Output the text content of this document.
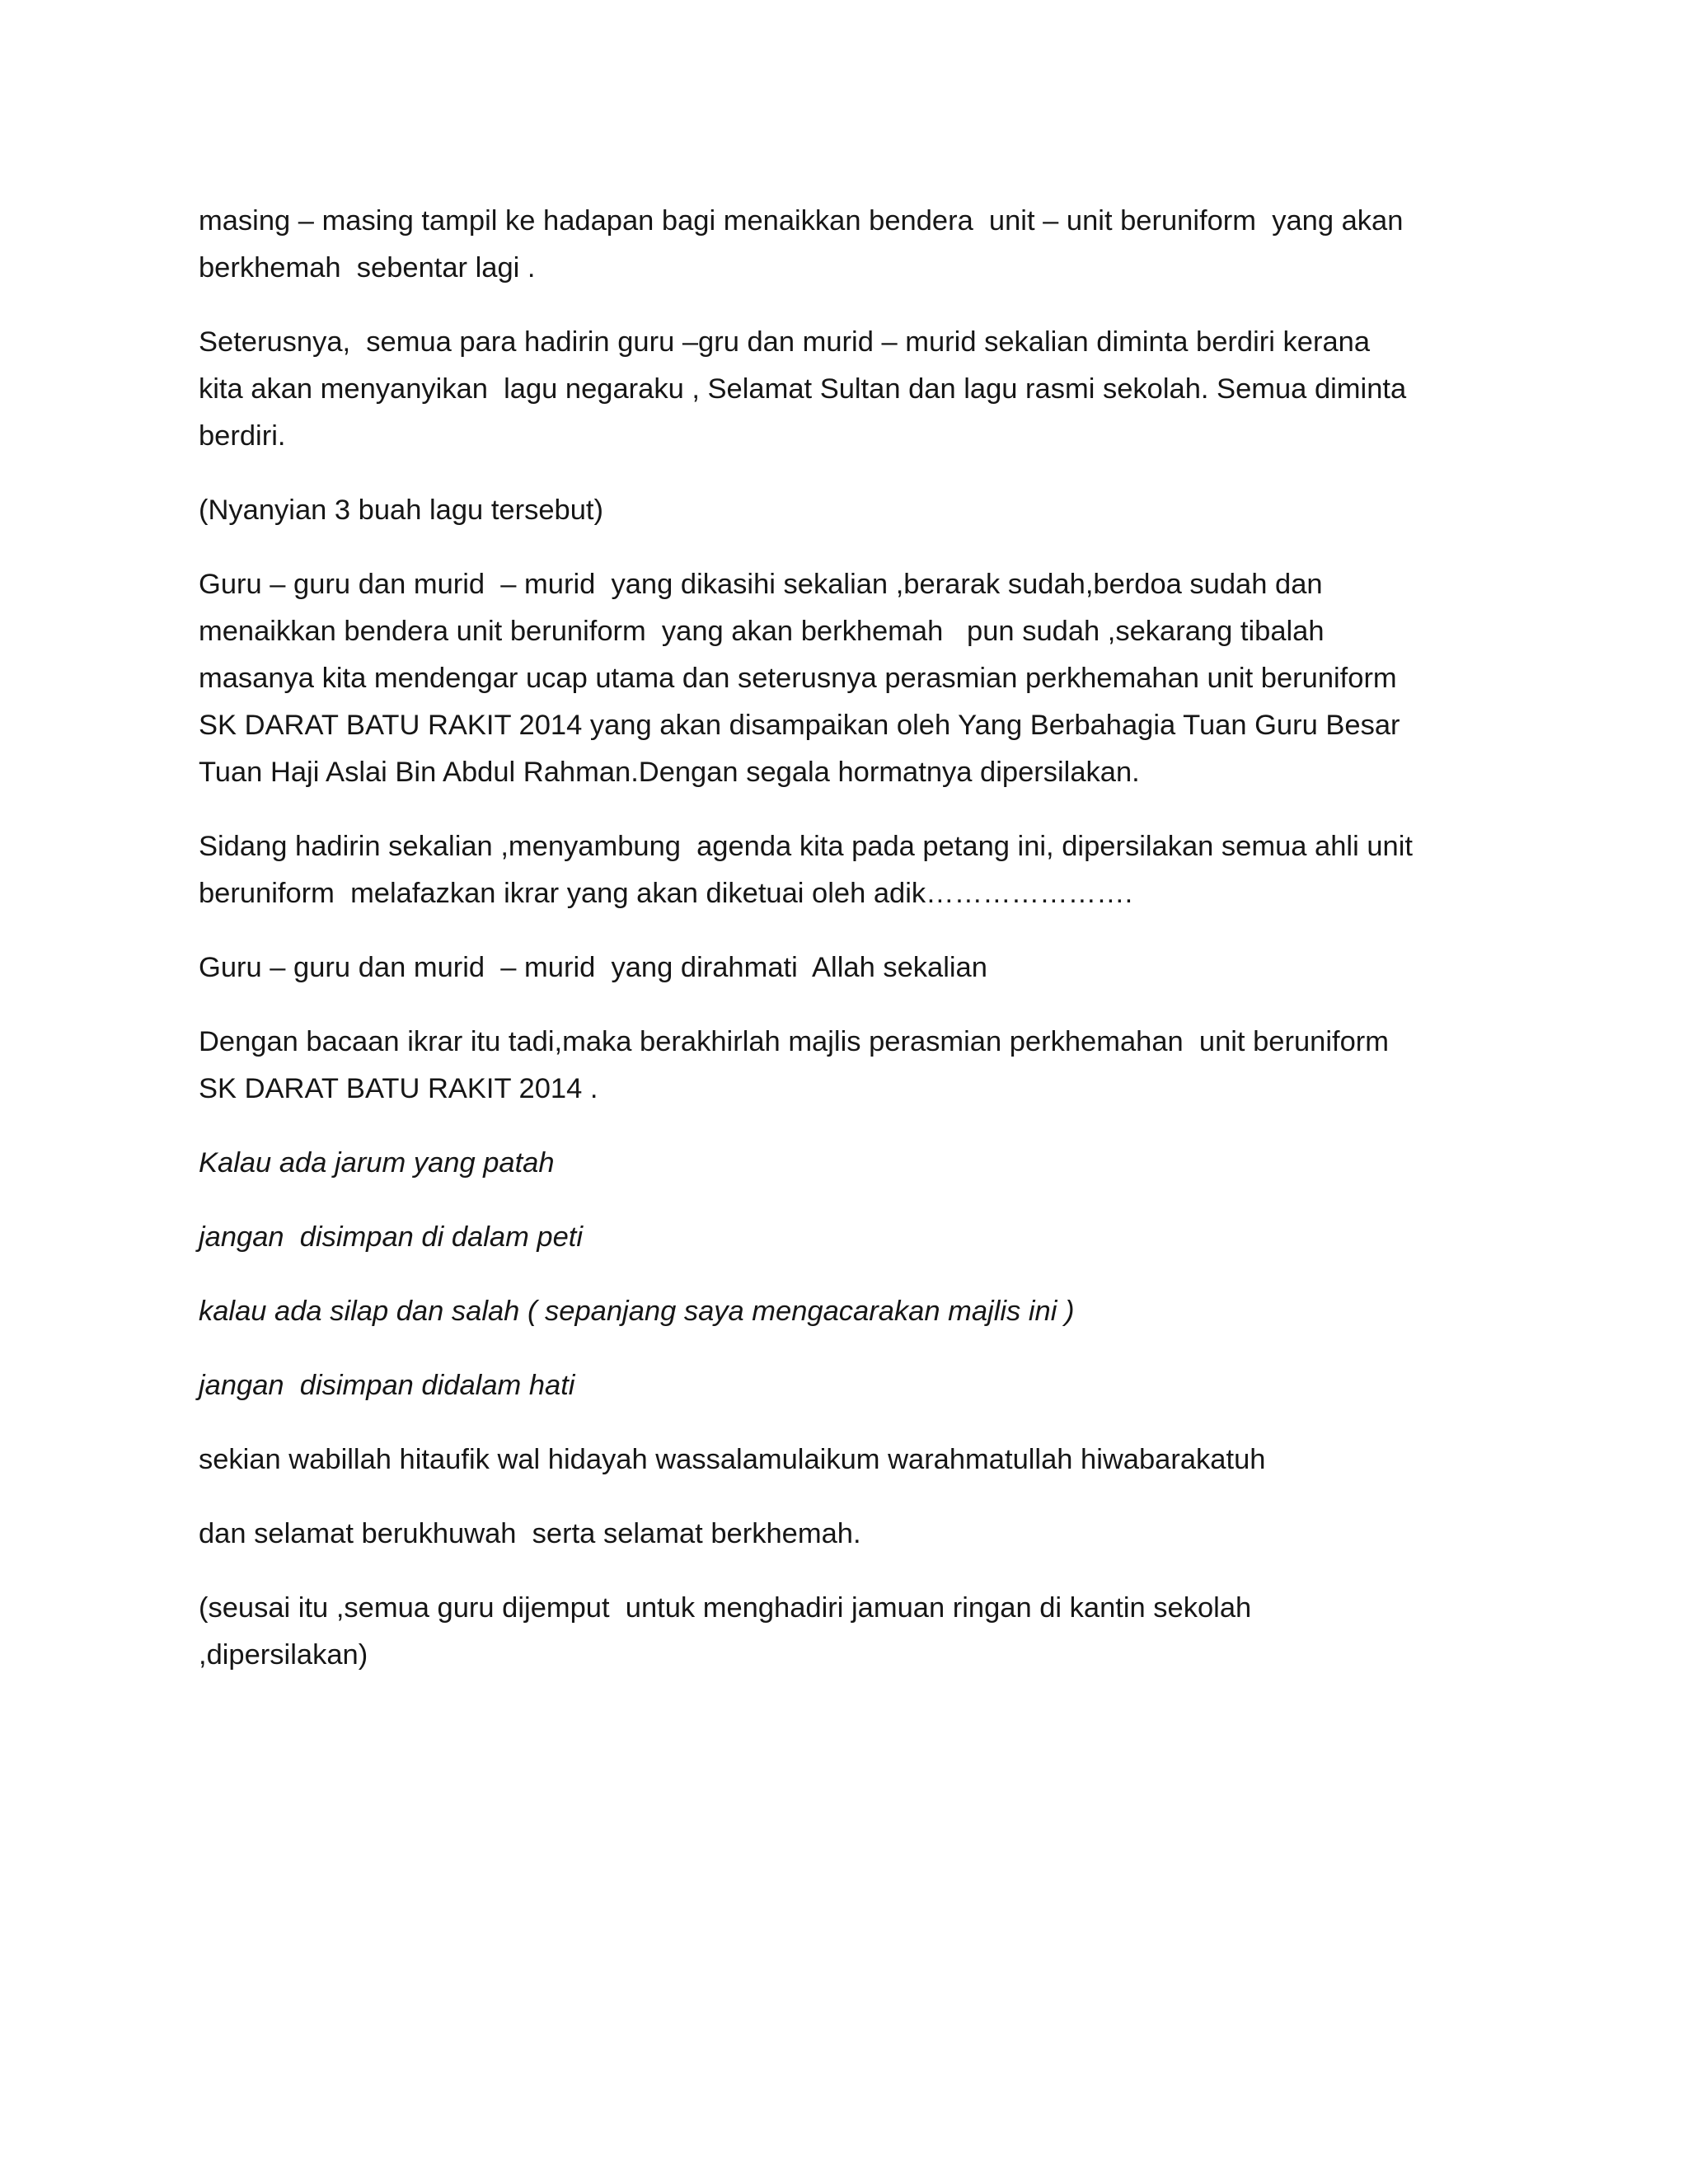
masing – masing tampil ke hadapan bagi menaikkan bendera  unit – unit beruniform  yang akan
berkhemah  sebentar lagi .

Seterusnya,  semua para hadirin guru –gru dan murid – murid sekalian diminta berdiri kerana
kita akan menyanyikan  lagu negaraku , Selamat Sultan dan lagu rasmi sekolah. Semua diminta
berdiri.

(Nyanyian 3 buah lagu tersebut)

Guru – guru dan murid  – murid  yang dikasihi sekalian ,berarak sudah,berdoa sudah dan
menaikkan bendera unit beruniform  yang akan berkhemah   pun sudah ,sekarang tibalah
masanya kita mendengar ucap utama dan seterusnya perasmian perkhemahan unit beruniform
SK DARAT BATU RAKIT 2014 yang akan disampaikan oleh Yang Berbahagia Tuan Guru Besar
Tuan Haji Aslai Bin Abdul Rahman.Dengan segala hormatnya dipersilakan.

Sidang hadirin sekalian ,menyambung  agenda kita pada petang ini, dipersilakan semua ahli unit
beruniform  melafazkan ikrar yang akan diketuai oleh adik………………….

Guru – guru dan murid  – murid  yang dirahmati  Allah sekalian

Dengan bacaan ikrar itu tadi,maka berakhirlah majlis perasmian perkhemahan  unit beruniform
SK DARAT BATU RAKIT 2014 .

Kalau ada jarum yang patah

jangan  disimpan di dalam peti

kalau ada silap dan salah ( sepanjang saya mengacarakan majlis ini )

jangan  disimpan didalam hati

sekian wabillah hitaufik wal hidayah wassalamulaikum warahmatullah hiwabarakatuh

dan selamat berukhuwah  serta selamat berkhemah.

(seusai itu ,semua guru dijemput  untuk menghadiri jamuan ringan di kantin sekolah
,dipersilakan)
